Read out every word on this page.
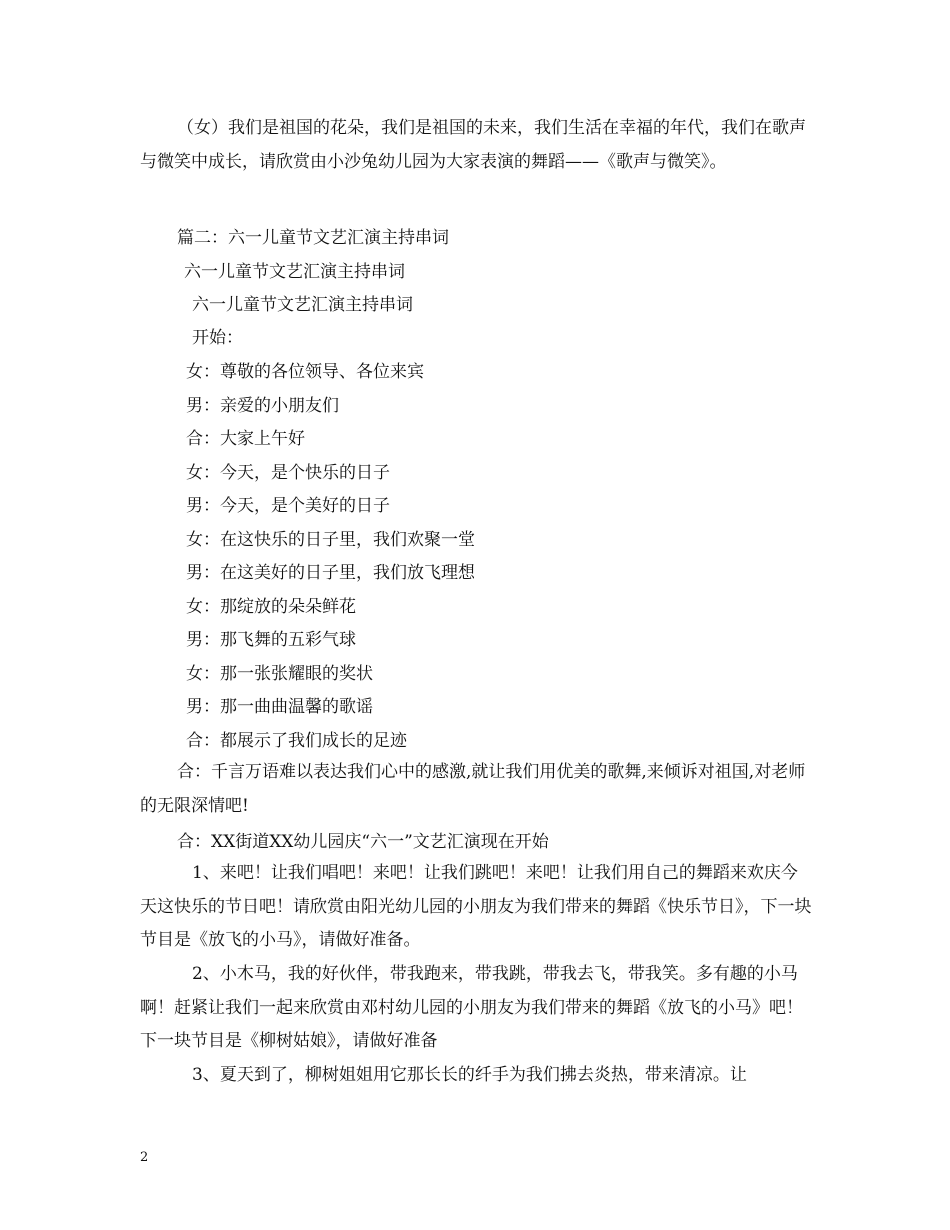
（女）我们是祖国的花朵，我们是祖国的未来，我们生活在幸福的年代，我们在歌声与微笑中成长，请欣赏由小沙兔幼儿园为大家表演的舞蹈——《歌声与微笑》。

篇二：六一儿童节文艺汇演主持串词
六一儿童节文艺汇演主持串词
六一儿童节文艺汇演主持串词
开始：
女：尊敬的各位领导、各位来宾
男：亲爱的小朋友们
合：大家上午好
女：今天，是个快乐的日子
男：今天，是个美好的日子
女：在这快乐的日子里，我们欢聚一堂
男：在这美好的日子里，我们放飞理想
女：那绽放的朵朵鲜花
男：那飞舞的五彩气球
女：那一张张耀眼的奖状
男：那一曲曲温馨的歌谣
合：都展示了我们成长的足迹

合：千言万语难以表达我们心中的感激,就让我们用优美的歌舞,来倾诉对祖国,对老师的无限深情吧!

合：XX街道XX幼儿园庆“六一”文艺汇演现在开始

1、来吧！让我们唱吧！来吧！让我们跳吧！来吧！让我们用自己的舞蹈来欢庆今天这快乐的节日吧！请欣赏由阳光幼儿园的小朋友为我们带来的舞蹈《快乐节日》，下一块节目是《放飞的小马》，请做好准备。

2、小木马，我的好伙伴，带我跑来，带我跳，带我去飞，带我笑。多有趣的小马啊！赶紧让我们一起来欣赏由邓村幼儿园的小朋友为我们带来的舞蹈《放飞的小马》吧！下一块节目是《柳树姑娘》，请做好准备

3、夏天到了，柳树姐姐用它那长长的纤手为我们拂去炎热，带来清凉。让

2
